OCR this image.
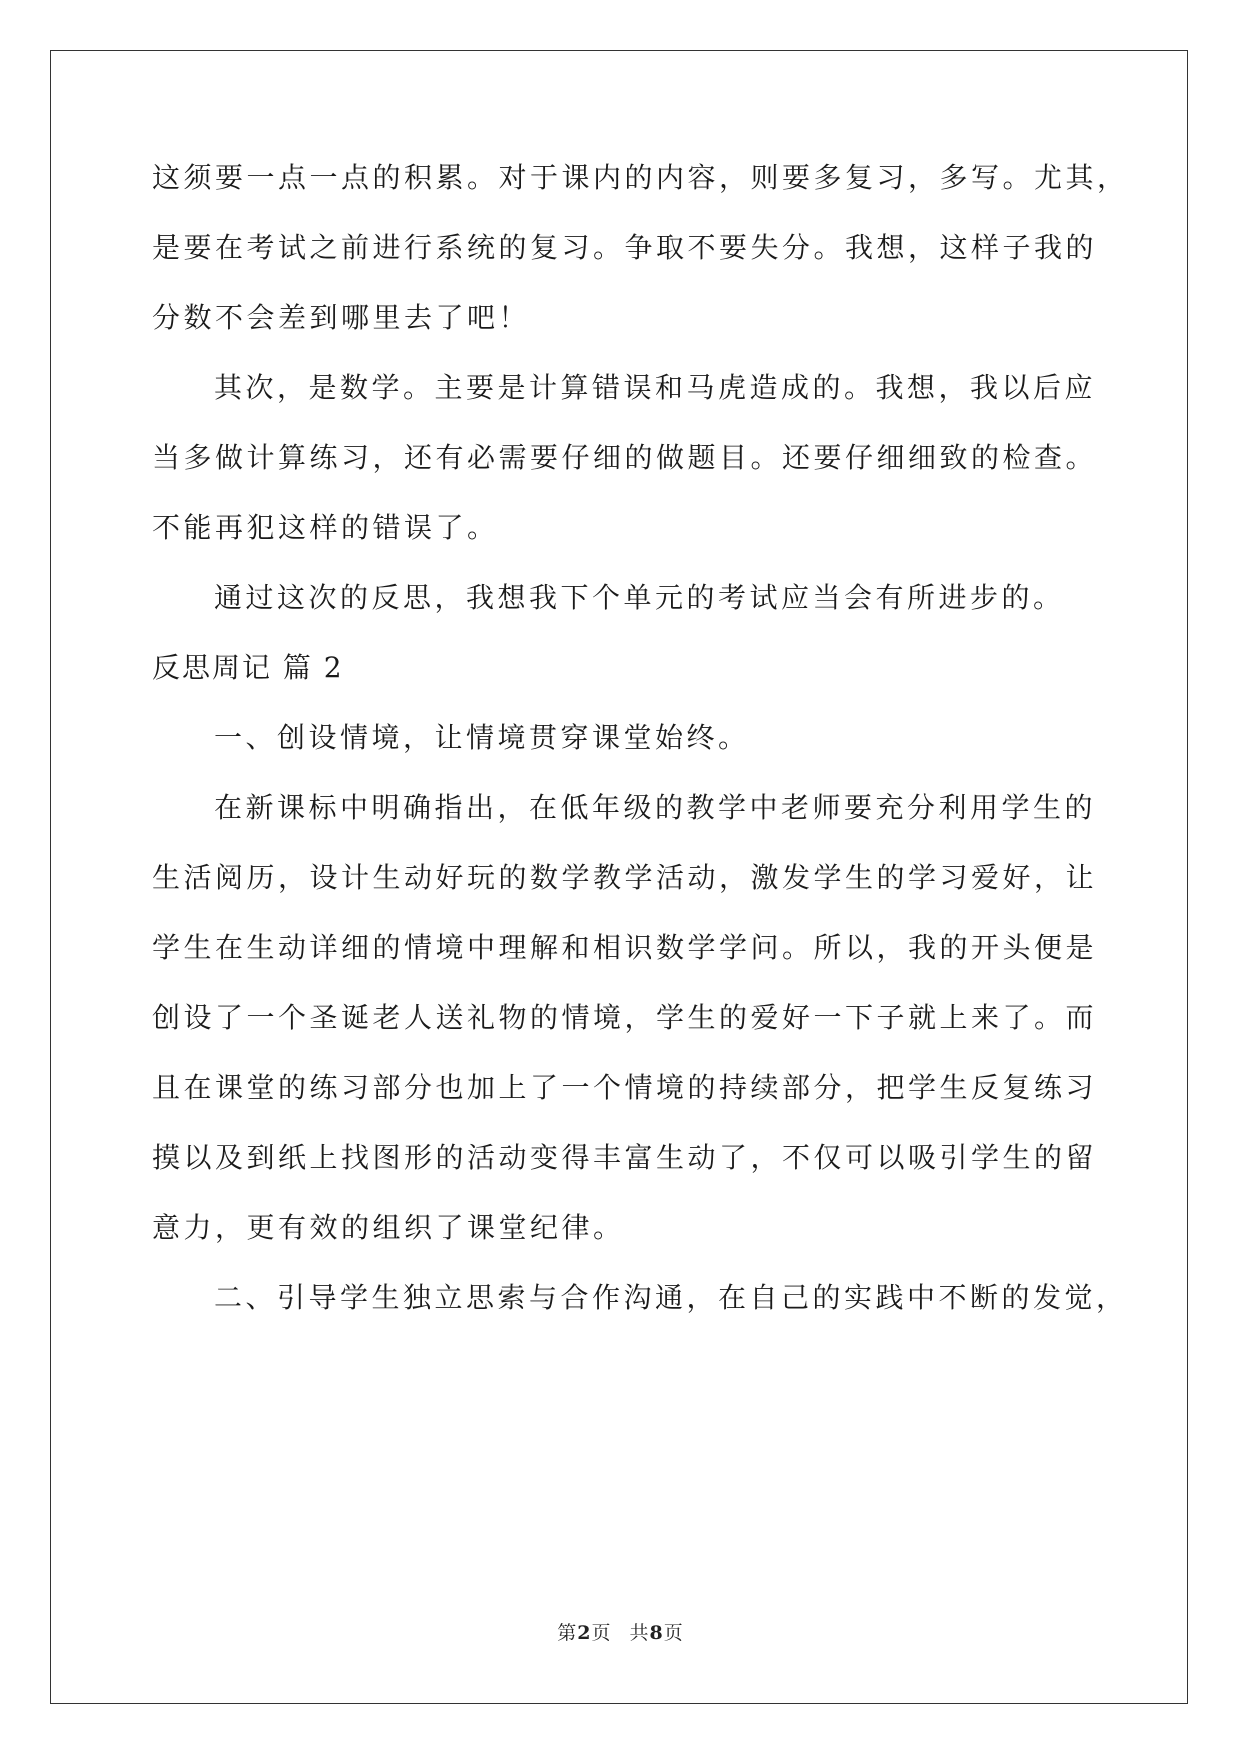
这须要一点一点的积累。对于课内的内容，则要多复习，多写。尤其，
是要在考试之前进行系统的复习。争取不要失分。我想，这样子我的
分数不会差到哪里去了吧！
其次，是数学。主要是计算错误和马虎造成的。我想，我以后应
当多做计算练习，还有必需要仔细的做题目。还要仔细细致的检查。
不能再犯这样的错误了。
通过这次的反思，我想我下个单元的考试应当会有所进步的。
反思周记 篇 2
一、创设情境，让情境贯穿课堂始终。
在新课标中明确指出，在低年级的教学中老师要充分利用学生的
生活阅历，设计生动好玩的数学教学活动，激发学生的学习爱好，让
学生在生动详细的情境中理解和相识数学学问。所以，我的开头便是
创设了一个圣诞老人送礼物的情境，学生的爱好一下子就上来了。而
且在课堂的练习部分也加上了一个情境的持续部分，把学生反复练习
摸以及到纸上找图形的活动变得丰富生动了，不仅可以吸引学生的留
意力，更有效的组织了课堂纪律。
二、引导学生独立思索与合作沟通，在自己的实践中不断的发觉，
第2页 共8页
